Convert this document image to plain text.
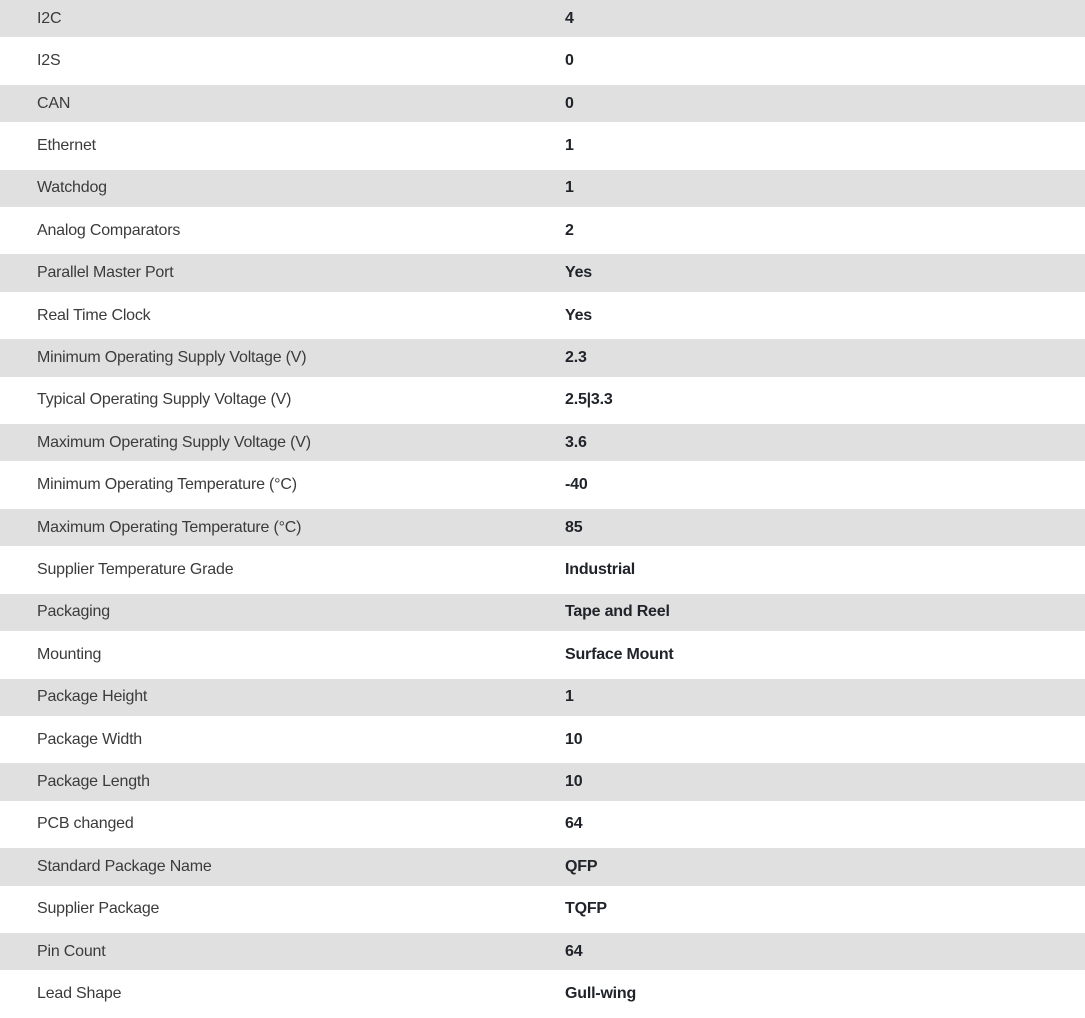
I2C	4
I2S	0
CAN	0
Ethernet	1
Watchdog	1
Analog Comparators	2
Parallel Master Port	Yes
Real Time Clock	Yes
Minimum Operating Supply Voltage (V)	2.3
Typical Operating Supply Voltage (V)	2.5|3.3
Maximum Operating Supply Voltage (V)	3.6
Minimum Operating Temperature (°C)	-40
Maximum Operating Temperature (°C)	85
Supplier Temperature Grade	Industrial
Packaging	Tape and Reel
Mounting	Surface Mount
Package Height	1
Package Width	10
Package Length	10
PCB changed	64
Standard Package Name	QFP
Supplier Package	TQFP
Pin Count	64
Lead Shape	Gull-wing
